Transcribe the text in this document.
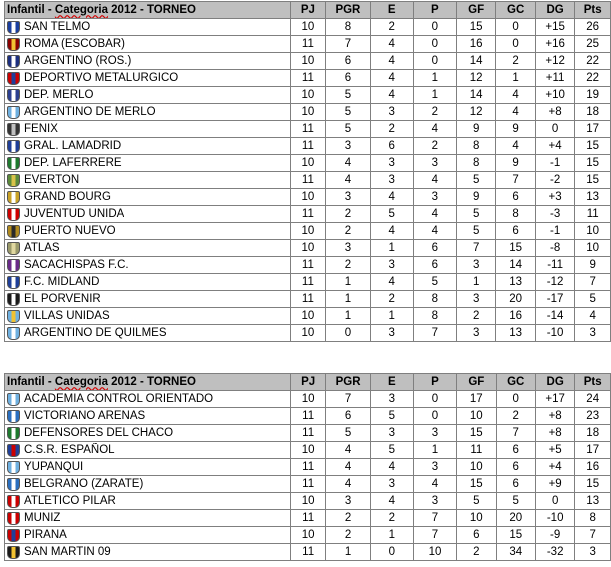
Infantil - Categoria 2012 - TORNEO	PJ	PGR	E	P	GF	GC	DG	Pts

SAN TELMO	10	8	2	0	15	0	+15	26

ROMA (ESCOBAR)	11	7	4	0	16	0	+16	25

ARGENTINO (ROS.)	10	6	4	0	14	2	+12	22

DEPORTIVO METALURGICO	11	6	4	1	12	1	+11	22

DEP. MERLO	10	5	4	1	14	4	+10	19

ARGENTINO DE MERLO	10	5	3	2	12	4	+8	18

FENIX	11	5	2	4	9	9	0	17

GRAL. LAMADRID	11	3	6	2	8	4	+4	15

DEP. LAFERRERE	10	4	3	3	8	9	-1	15

EVERTON	11	4	3	4	5	7	-2	15

GRAND BOURG	10	3	4	3	9	6	+3	13

JUVENTUD UNIDA	11	2	5	4	5	8	-3	11

PUERTO NUEVO	10	2	4	4	5	6	-1	10

ATLAS	10	3	1	6	7	15	-8	10

SACACHISPAS F.C.	11	2	3	6	3	14	-11	9

F.C. MIDLAND	11	1	4	5	1	13	-12	7

EL PORVENIR	11	1	2	8	3	20	-17	5

VILLAS UNIDAS	10	1	1	8	2	16	-14	4

ARGENTINO DE QUILMES	10	0	3	7	3	13	-10	3
Infantil - Categoria 2012 - TORNEO	PJ	PGR	E	P	GF	GC	DG	Pts

ACADEMIA CONTROL ORIENTADO	10	7	3	0	17	0	+17	24

VICTORIANO ARENAS	11	6	5	0	10	2	+8	23

DEFENSORES DEL CHACO	11	5	3	3	15	7	+8	18

C.S.R. ESPAÑOL	10	4	5	1	11	6	+5	17

YUPANQUI	11	4	4	3	10	6	+4	16

BELGRANO (ZARATE)	11	4	3	4	15	6	+9	15

ATLETICO PILAR	10	3	4	3	5	5	0	13

MUNIZ	11	2	2	7	10	20	-10	8

PIRANA	10	2	1	7	6	15	-9	7

SAN MARTIN 09	11	1	0	10	2	34	-32	3
